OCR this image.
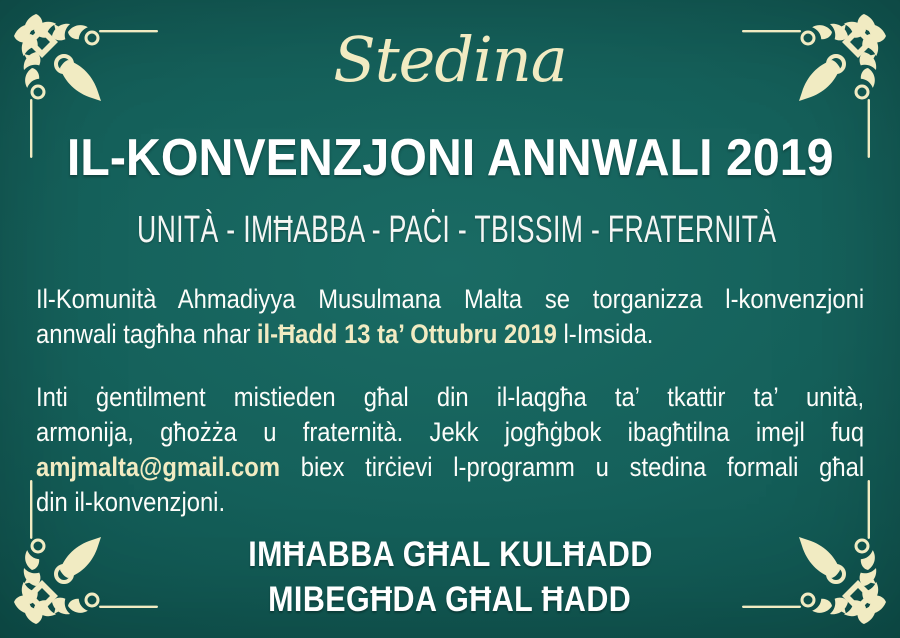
Stedina
IL-KONVENZJONI ANNWALI 2019
UNITÀ - IMĦABBA - PAĊI - TBISSIM - FRATERNITÀ
Il-Komunità Ahmadiyya Musulmana Malta se torganizza l-konvenzjoni
annwali tagħha nhar il-Ħadd 13 ta’ Ottubru 2019 l-Imsida.
Inti ġentilment mistieden għal din il-laqgħa ta’ tkattir ta’ unità,
armonija, għożża u fraternità. Jekk jogħġbok ibagħtilna imejl fuq
amjmalta@gmail.com biex tirċievi l-programm u stedina formali għal
din il-konvenzjoni.
IMĦABBA GĦAL KULĦADD
MIBEGĦDA GĦAL ĦADD
